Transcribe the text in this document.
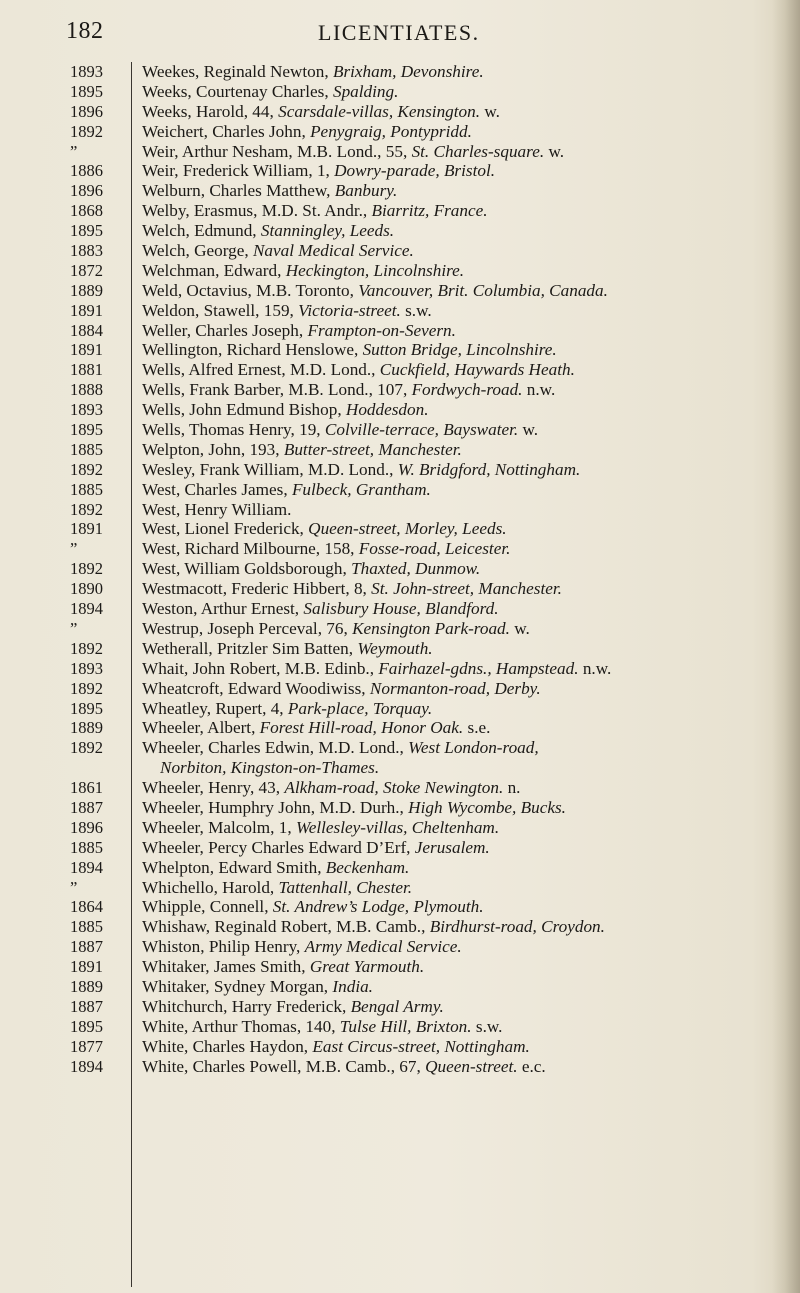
182	LICENTIATES.
1893	Weekes, Reginald Newton, Brixham, Devonshire.
1895	Weeks, Courtenay Charles, Spalding.
1896	Weeks, Harold, 44, Scarsdale-villas, Kensington. w.
1892	Weichert, Charles John, Penygraig, Pontypridd.
”	Weir, Arthur Nesham, M.B. Lond., 55, St. Charles-square. w.
1886	Weir, Frederick William, 1, Dowry-parade, Bristol.
1896	Welburn, Charles Matthew, Banbury.
1868	Welby, Erasmus, M.D. St. Andr., Biarritz, France.
1895	Welch, Edmund, Stanningley, Leeds.
1883	Welch, George, Naval Medical Service.
1872	Welchman, Edward, Heckington, Lincolnshire.
1889	Weld, Octavius, M.B. Toronto, Vancouver, Brit. Columbia, Canada.
1891	Weldon, Stawell, 159, Victoria-street. s.w.
1884	Weller, Charles Joseph, Frampton-on-Severn.
1891	Wellington, Richard Henslowe, Sutton Bridge, Lincolnshire.
1881	Wells, Alfred Ernest, M.D. Lond., Cuckfield, Haywards Heath.
1888	Wells, Frank Barber, M.B. Lond., 107, Fordwych-road. n.w.
1893	Wells, John Edmund Bishop, Hoddesdon.
1895	Wells, Thomas Henry, 19, Colville-terrace, Bayswater. w.
1885	Welpton, John, 193, Butter-street, Manchester.
1892	Wesley, Frank William, M.D. Lond., W. Bridgford, Nottingham.
1885	West, Charles James, Fulbeck, Grantham.
1892	West, Henry William.
1891	West, Lionel Frederick, Queen-street, Morley, Leeds.
”	West, Richard Milbourne, 158, Fosse-road, Leicester.
1892	West, William Goldsborough, Thaxted, Dunmow.
1890	Westmacott, Frederic Hibbert, 8, St. John-street, Manchester.
1894	Weston, Arthur Ernest, Salisbury House, Blandford.
”	Westrup, Joseph Perceval, 76, Kensington Park-road. w.
1892	Wetherall, Pritzler Sim Batten, Weymouth.
1893	Whait, John Robert, M.B. Edinb., Fairhazel-gdns., Hampstead. n.w.
1892	Wheatcroft, Edward Woodiwiss, Normanton-road, Derby.
1895	Wheatley, Rupert, 4, Park-place, Torquay.
1889	Wheeler, Albert, Forest Hill-road, Honor Oak. s.e.
1892	Wheeler, Charles Edwin, M.D. Lond., West London-road,
Norbiton, Kingston-on-Thames.
1861	Wheeler, Henry, 43, Alkham-road, Stoke Newington. n.
1887	Wheeler, Humphry John, M.D. Durh., High Wycombe, Bucks.
1896	Wheeler, Malcolm, 1, Wellesley-villas, Cheltenham.
1885	Wheeler, Percy Charles Edward D’Erf, Jerusalem.
1894	Whelpton, Edward Smith, Beckenham.
”	Whichello, Harold, Tattenhall, Chester.
1864	Whipple, Connell, St. Andrew’s Lodge, Plymouth.
1885	Whishaw, Reginald Robert, M.B. Camb., Birdhurst-road, Croydon.
1887	Whiston, Philip Henry, Army Medical Service.
1891	Whitaker, James Smith, Great Yarmouth.
1889	Whitaker, Sydney Morgan, India.
1887	Whitchurch, Harry Frederick, Bengal Army.
1895	White, Arthur Thomas, 140, Tulse Hill, Brixton. s.w.
1877	White, Charles Haydon, East Circus-street, Nottingham.
1894	White, Charles Powell, M.B. Camb., 67, Queen-street. e.c.
